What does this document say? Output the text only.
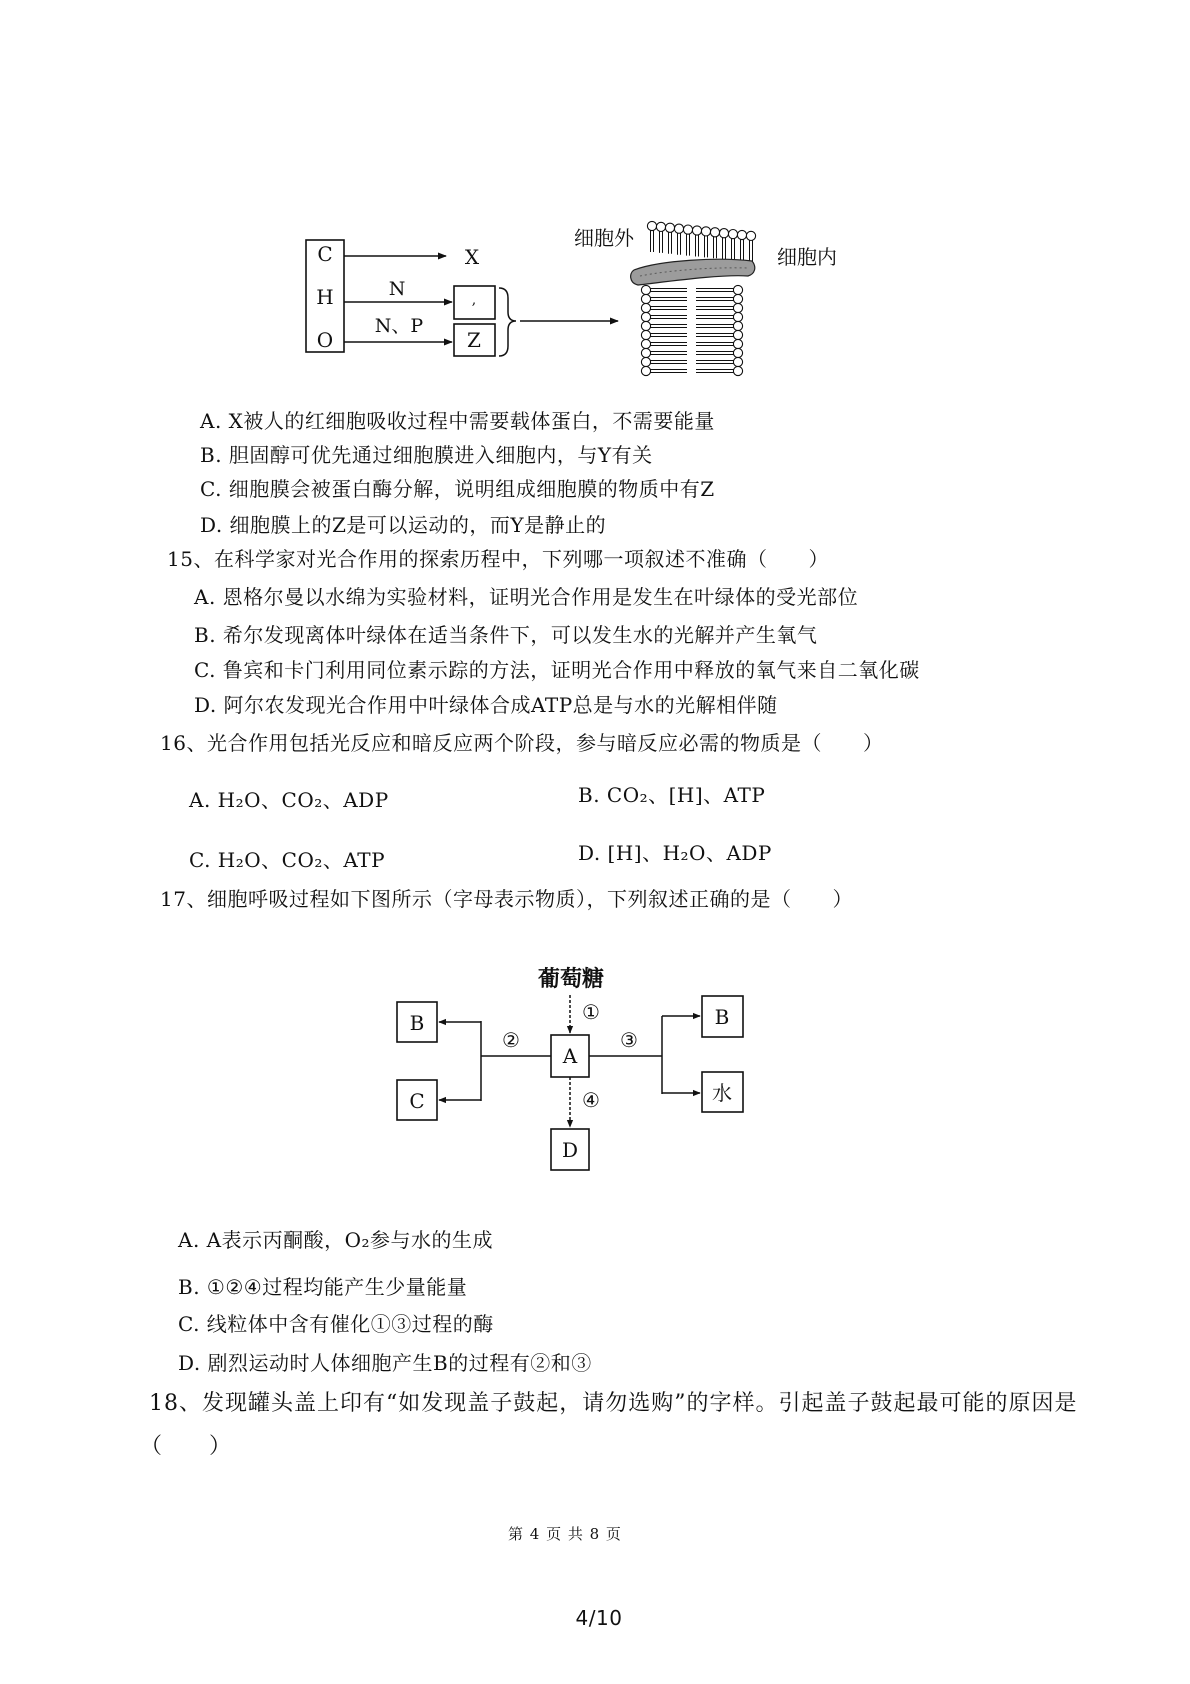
C
H
O
X
N	,
N、P
Z
细胞外
细胞内
A. X被人的红细胞吸收过程中需要载体蛋白，不需要能量
B. 胆固醇可优先通过细胞膜进入细胞内，与Y有关
C. 细胞膜会被蛋白酶分解，说明组成细胞膜的物质中有Z
D. 细胞膜上的Z是可以运动的，而Y是静止的
15、在科学家对光合作用的探索历程中，下列哪一项叙述不准确（　　）
A. 恩格尔曼以水绵为实验材料，证明光合作用是发生在叶绿体的受光部位
B. 希尔发现离体叶绿体在适当条件下，可以发生水的光解并产生氧气
C. 鲁宾和卡门利用同位素示踪的方法，证明光合作用中释放的氧气来自二氧化碳
D. 阿尔农发现光合作用中叶绿体合成ATP总是与水的光解相伴随
16、光合作用包括光反应和暗反应两个阶段，参与暗反应必需的物质是（　　）
A. H₂O、CO₂、ADP	B. CO₂、[H]、ATP
C. H₂O、CO₂、ATP	D. [H]、H₂O、ADP
17、细胞呼吸过程如下图所示（字母表示物质），下列叙述正确的是（　　）
葡萄糖
①
A
②
B
C
③
B
水
④
D
A. A表示丙酮酸，O₂参与水的生成
B. ①②④过程均能产生少量能量
C. 线粒体中含有催化①③过程的酶
D. 剧烈运动时人体细胞产生B的过程有②和③
18、发现罐头盖上印有“如发现盖子鼓起，请勿选购”的字样。引起盖子鼓起最可能的原因是
（　　）
第 4 页 共 8 页
4/10
